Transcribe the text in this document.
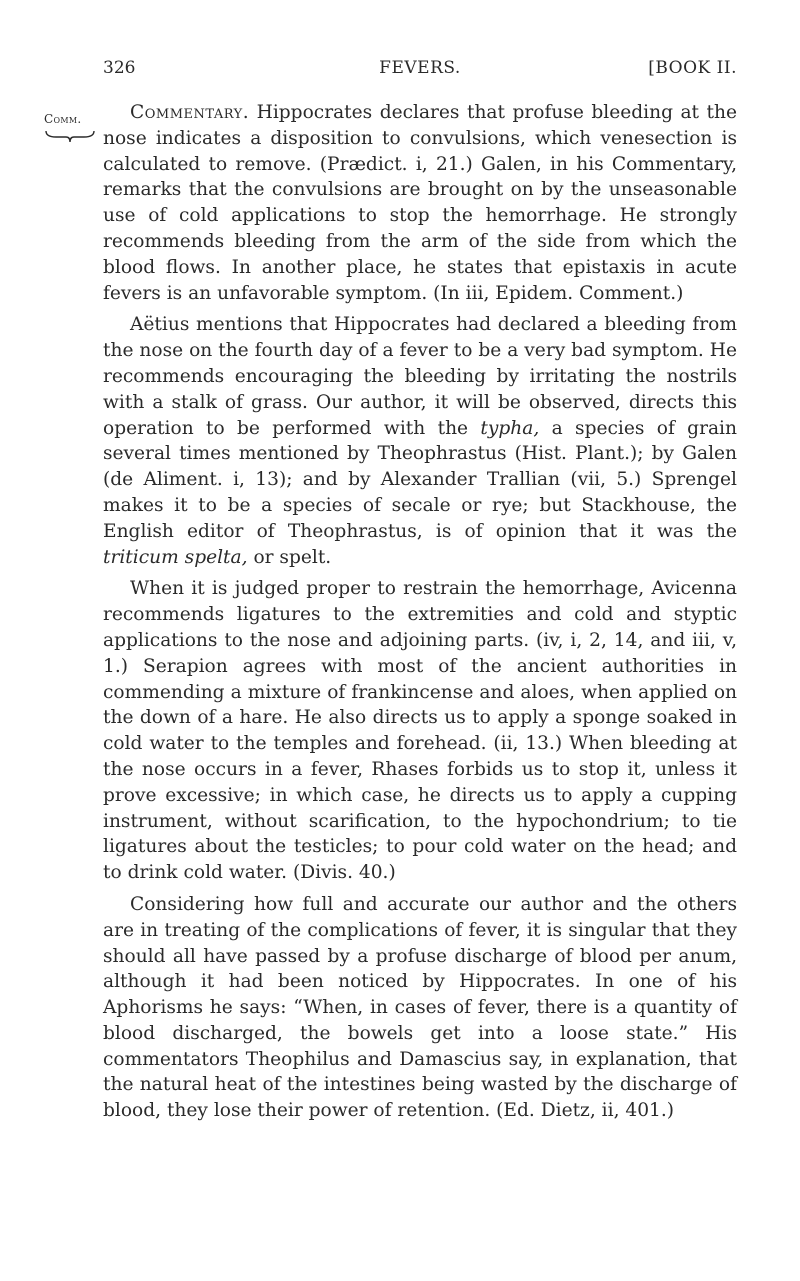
326	FEVERS.	[BOOK II.
Comm.	Commentary. Hippocrates declares that profuse bleeding at the nose indicates a disposition to convulsions, which venesection is calculated to remove. (Prædict. i, 21.) Galen, in his Commentary, remarks that the convulsions are brought on by the unseasonable use of cold applications to stop the hemorrhage. He strongly recommends bleeding from the arm of the side from which the blood flows. In another place, he states that epistaxis in acute fevers is an unfavorable symptom. (In iii, Epidem. Comment.)

Aëtius mentions that Hippocrates had declared a bleeding from the nose on the fourth day of a fever to be a very bad symptom. He recommends encouraging the bleeding by irritating the nostrils with a stalk of grass. Our author, it will be observed, directs this operation to be performed with the typha, a species of grain several times mentioned by Theophrastus (Hist. Plant.); by Galen (de Aliment. i, 13); and by Alexander Trallian (vii, 5.) Sprengel makes it to be a species of secale or rye; but Stackhouse, the English editor of Theophrastus, is of opinion that it was the triticum spelta, or spelt.

When it is judged proper to restrain the hemorrhage, Avicenna recommends ligatures to the extremities and cold and styptic applications to the nose and adjoining parts. (iv, i, 2, 14, and iii, v, 1.) Serapion agrees with most of the ancient authorities in commending a mixture of frankincense and aloes, when applied on the down of a hare. He also directs us to apply a sponge soaked in cold water to the temples and forehead. (ii, 13.) When bleeding at the nose occurs in a fever, Rhases forbids us to stop it, unless it prove excessive; in which case, he directs us to apply a cupping instrument, without scarification, to the hypochondrium; to tie ligatures about the testicles; to pour cold water on the head; and to drink cold water. (Divis. 40.)

Considering how full and accurate our author and the others are in treating of the complications of fever, it is singular that they should all have passed by a profuse discharge of blood per anum, although it had been noticed by Hippocrates. In one of his Aphorisms he says: “When, in cases of fever, there is a quantity of blood discharged, the bowels get into a loose state.” His commentators Theophilus and Damascius say, in explanation, that the natural heat of the intestines being wasted by the discharge of blood, they lose their power of retention. (Ed. Dietz, ii, 401.)
